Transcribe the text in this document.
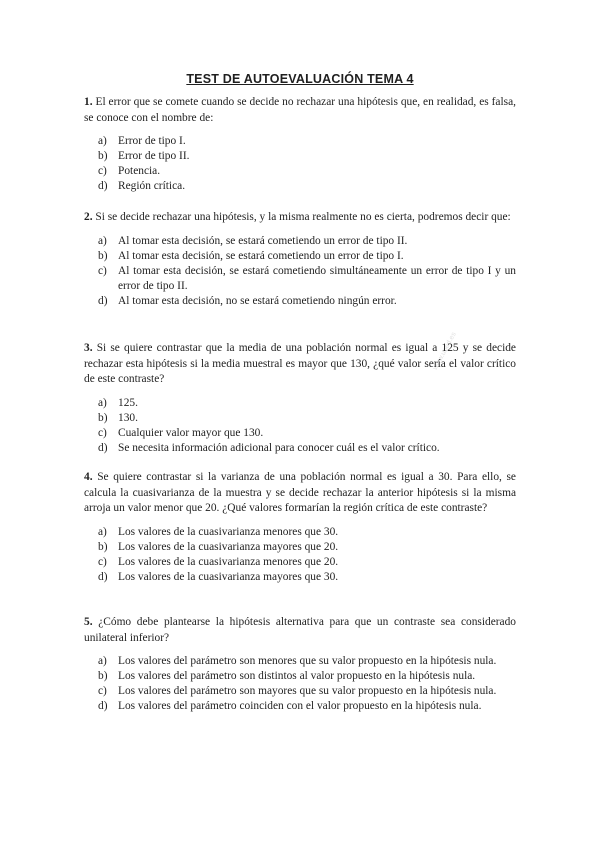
TEST DE AUTOEVALUACIÓN TEMA 4
www.uned.es
1. El error que se comete cuando se decide no rechazar una hipótesis que, en realidad, es falsa, se conoce con el nombre de:
a) Error de tipo I.
b) Error de tipo II.
c) Potencia.
d) Región crítica.
2. Si se decide rechazar una hipótesis, y la misma realmente no es cierta, podremos decir que:
a) Al tomar esta decisión, se estará cometiendo un error de tipo II.
b) Al tomar esta decisión, se estará cometiendo un error de tipo I.
c) Al tomar esta decisión, se estará cometiendo simultáneamente un error de tipo I y un error de tipo II.
d) Al tomar esta decisión, no se estará cometiendo ningún error.
3. Si se quiere contrastar que la media de una población normal es igual a 125 y se decide rechazar esta hipótesis si la media muestral es mayor que 130, ¿qué valor sería el valor crítico de este contraste?
a) 125.
b) 130.
c) Cualquier valor mayor que 130.
d) Se necesita información adicional para conocer cuál es el valor crítico.
4. Se quiere contrastar si la varianza de una población normal es igual a 30. Para ello, se calcula la cuasivarianza de la muestra y se decide rechazar la anterior hipótesis si la misma arroja un valor menor que 20. ¿Qué valores formarían la región crítica de este contraste?
a) Los valores de la cuasivarianza menores que 30.
b) Los valores de la cuasivarianza mayores que 20.
c) Los valores de la cuasivarianza menores que 20.
d) Los valores de la cuasivarianza mayores que 30.
5. ¿Cómo debe plantearse la hipótesis alternativa para que un contraste sea considerado unilateral inferior?
a) Los valores del parámetro son menores que su valor propuesto en la hipótesis nula.
b) Los valores del parámetro son distintos al valor propuesto en la hipótesis nula.
c) Los valores del parámetro son mayores que su valor propuesto en la hipótesis nula.
d) Los valores del parámetro coinciden con el valor propuesto en la hipótesis nula.
